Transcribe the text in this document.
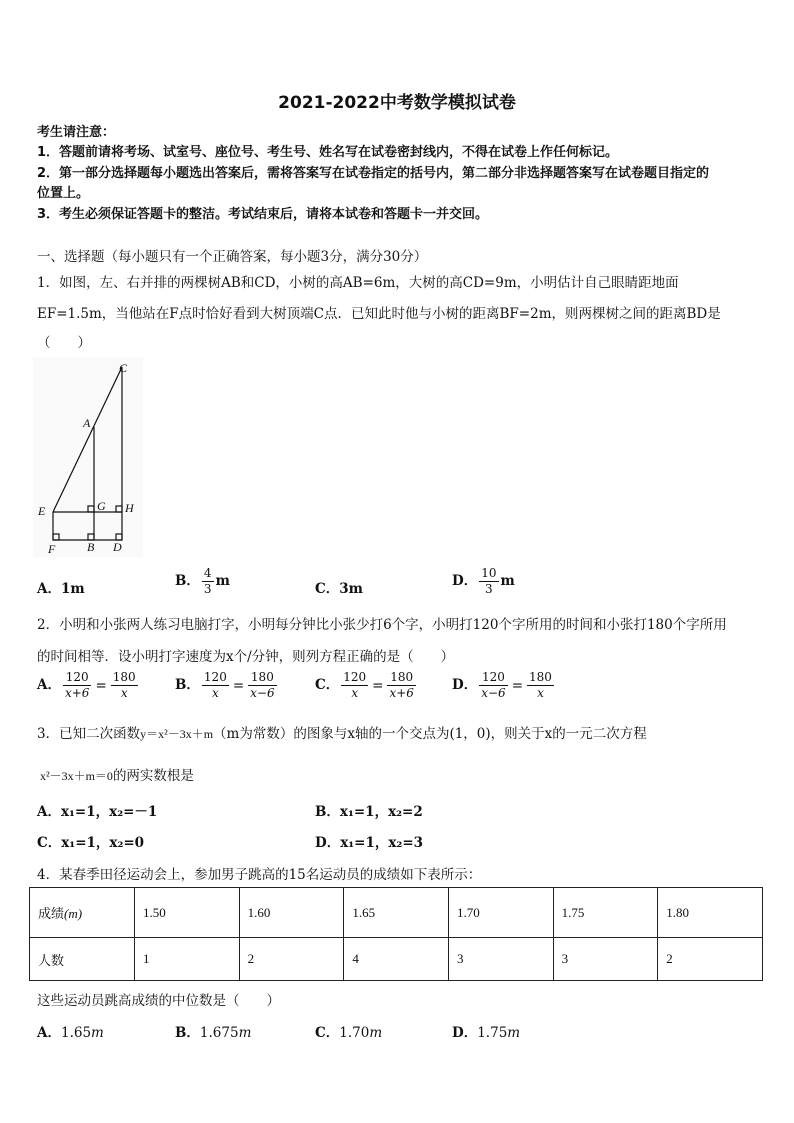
2021-2022中考数学模拟试卷
考生请注意：
1．答题前请将考场、试室号、座位号、考生号、姓名写在试卷密封线内，不得在试卷上作任何标记。
2．第一部分选择题每小题选出答案后，需将答案写在试卷指定的括号内，第二部分非选择题答案写在试卷题目指定的
位置上。
3．考生必须保证答题卡的整洁。考试结束后，请将本试卷和答题卡一并交回。
一、选择题（每小题只有一个正确答案，每小题3分，满分30分）
1．如图，左、右并排的两棵树AB和CD，小树的高AB=6m，大树的高CD=9m，小明估计自己眼睛距地面
EF=1.5m，当他站在F点时恰好看到大树顶端C点．已知此时他与小树的距离BF=2m，则两棵树之间的距离BD是
（　　）
C
A
E	G H
F	B D
A．1m	B． $\frac{4}{3}$ m	C．3m	D． $\frac{10}{3}$ m
2．小明和小张两人练习电脑打字，小明每分钟比小张少打6个字，小明打120个字所用的时间和小张打180个字所用
的时间相等．设小明打字速度为x个/分钟，则列方程正确的是（　　）
A． $\frac{120}{x+6} = \frac{180}{x}$	B． $\frac{120}{x} = \frac{180}{x-6}$	C． $\frac{120}{x} = \frac{180}{x+6}$	D． $\frac{120}{x-6} = \frac{180}{x}$
3．已知二次函数y＝x²－3x＋m（m为常数）的图象与x轴的一个交点为(1，0)，则关于x的一元二次方程
x²－3x＋m＝0的两实数根是
A．x₁=1，x₂=－1	B．x₁=1，x₂=2
C．x₁=1，x₂=0	D．x₁=1，x₂=3
4．某春季田径运动会上，参加男子跳高的15名运动员的成绩如下表所示：
成绩(m)	1.50	1.60	1.65	1.70	1.75	1.80
人数	1	2	4	3	3	2
这些运动员跳高成绩的中位数是（　　）
A．1.65m	B．1.675m	C．1.70m	D．1.75m
